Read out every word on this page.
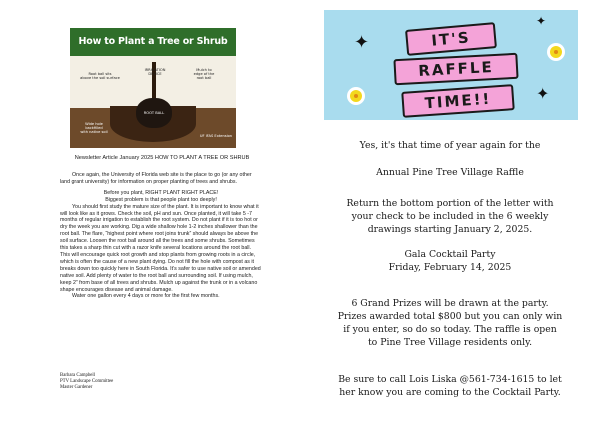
How to Plant a Tree or Shrub
Root ball sits
above the soil surface
IRRIGATION
DEVICE
Mulch to
edge of the
root ball
ROOT BALL
Wide hole
backfilled
with native soil
UF IFAS Extension
Newsletter Article January 2025 HOW TO PLANT A TREE OR SHRUB

Once again, the University of Florida web site is the place to go (or any other land grant university) for information on proper planting of trees and shrubs.

Before you plant, RIGHT PLANT RIGHT PLACE!

Biggest problem is that people plant too deeply!

You should first study the mature size of the plant. It is important to know what it will look like as it grows. Check the soil, pH and sun. Once planted, it will take 5 -7 months of regular irrigation to establish the root system. Do not plant if it is too hot or dry the week you are working. Dig a wide shallow hole 1-2 inches shallower than the root ball. The flare, “highest point where root joins trunk” should always be above the soil surface. Loosen the root ball around all the trees and some shrubs. Sometimes this takes a sharp thin cut with a razor knife several locations around the root ball. This will encourage quick root growth and stop plants from growing roots in a circle, which is often the cause of a new plant dying. Do not fill the hole with compost as it breaks down too quickly here in South Florida. It’s safer to use native soil or amended native soil. Add plenty of water to the root ball and surrounding soil. If using mulch, keep 2” from base of all trees and shrubs. Mulch up against the trunk or in a volcano shape encourages disease and animal damage.

Water one gallon every 4 days or more for the first few months.

Barbara Campbell
PTV Landscape Committee
Master Gardener
✦
✦
✦
IT'S
RAFFLE
TIME!!
Yes, it's that time of year again for the
Annual Pine Tree Village Raffle
Return the bottom portion of the letter with
your check to be included in the 6 weekly
drawings starting January 2, 2025.
Gala Cocktail Party
Friday, February 14, 2025
6 Grand Prizes will be drawn at the party.
Prizes awarded total $800 but you can only win
if you enter, so do so today. The raffle is open
to Pine Tree Village residents only.
Be sure to call Lois Liska @561-734-1615 to let
her know you are coming to the Cocktail Party.
